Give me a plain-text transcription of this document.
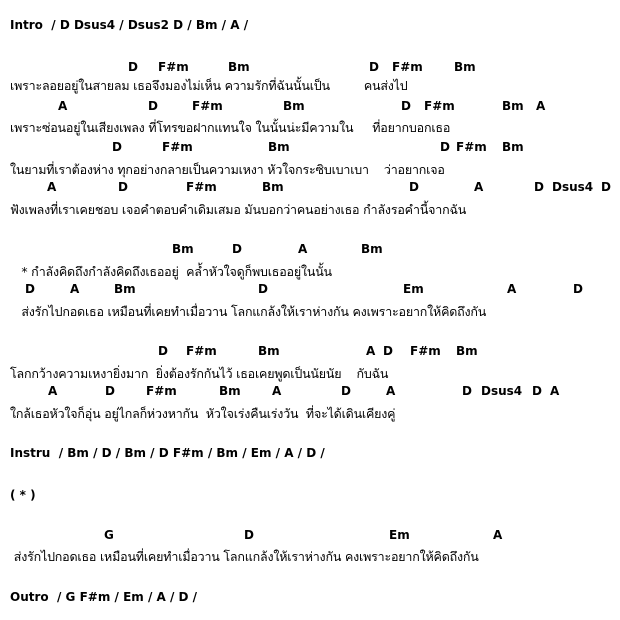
Intro  / D Dsus4 / Dsus2 D / Bm / A /
D F#m	Bm	D F#m	Bm
เพราะลอยอยู่ในสายลม เธอจึงมองไม่เห็น ความรักที่ฉันนั้นเป็น         คนส่งไป
A	D	F#m	Bm	D F#m	Bm A
เพราะซ่อนอยู่ในเสียงเพลง ที่โทรขอฝากแทนใจ ในนั้นน่ะมีความใน     ที่อยากบอกเธอ
D	F#m	Bm	D F#m Bm
ในยามที่เราต้องห่าง ทุกอย่างกลายเป็นความเหงา หัวใจกระซิบเบาเบา    ว่าอยากเจอ
A	D	F#m	Bm	D	A	D Dsus4 D
ฟังเพลงที่เราเคยชอบ เจอคำตอบคำเดิมเสมอ มันบอกว่าคนอย่างเธอ กำลังรอคำนี้จากฉัน
Bm	D	A	Bm
* กำลังคิดถึงกำลังคิดถึงเธออยู่  คล้ำหัวใจดูก็พบเธออยู่ในนั้น
D	A	Bm	D	Em	A	D
ส่งรักไปกอดเธอ เหมือนที่เคยทำเมื่อวาน โลกแกล้งให้เราห่างกัน คงเพราะอยากให้คิดถึงกัน
D F#m	Bm	A D F#m Bm
โลกกว้างความเหงายิ่งมาก  ยิ่งต้องรักกันไว้ เธอเคยพูดเป็นนัยนัย    กับฉัน
A	D	F#m	Bm	A	D	A	D Dsus4 D A
ใกล้เธอหัวใจก็อุ่น อยู่ไกลก็ห่วงหากัน  หัวใจเร่งคืนเร่งวัน  ที่จะได้เดินเคียงคู่
Instru  / Bm / D / Bm / D F#m / Bm / Em / A / D /
( * )
G	D	Em	A
ส่งรักไปกอดเธอ เหมือนที่เคยทำเมื่อวาน โลกแกล้งให้เราห่างกัน คงเพราะอยากให้คิดถึงกัน
Outro  / G F#m / Em / A / D /
